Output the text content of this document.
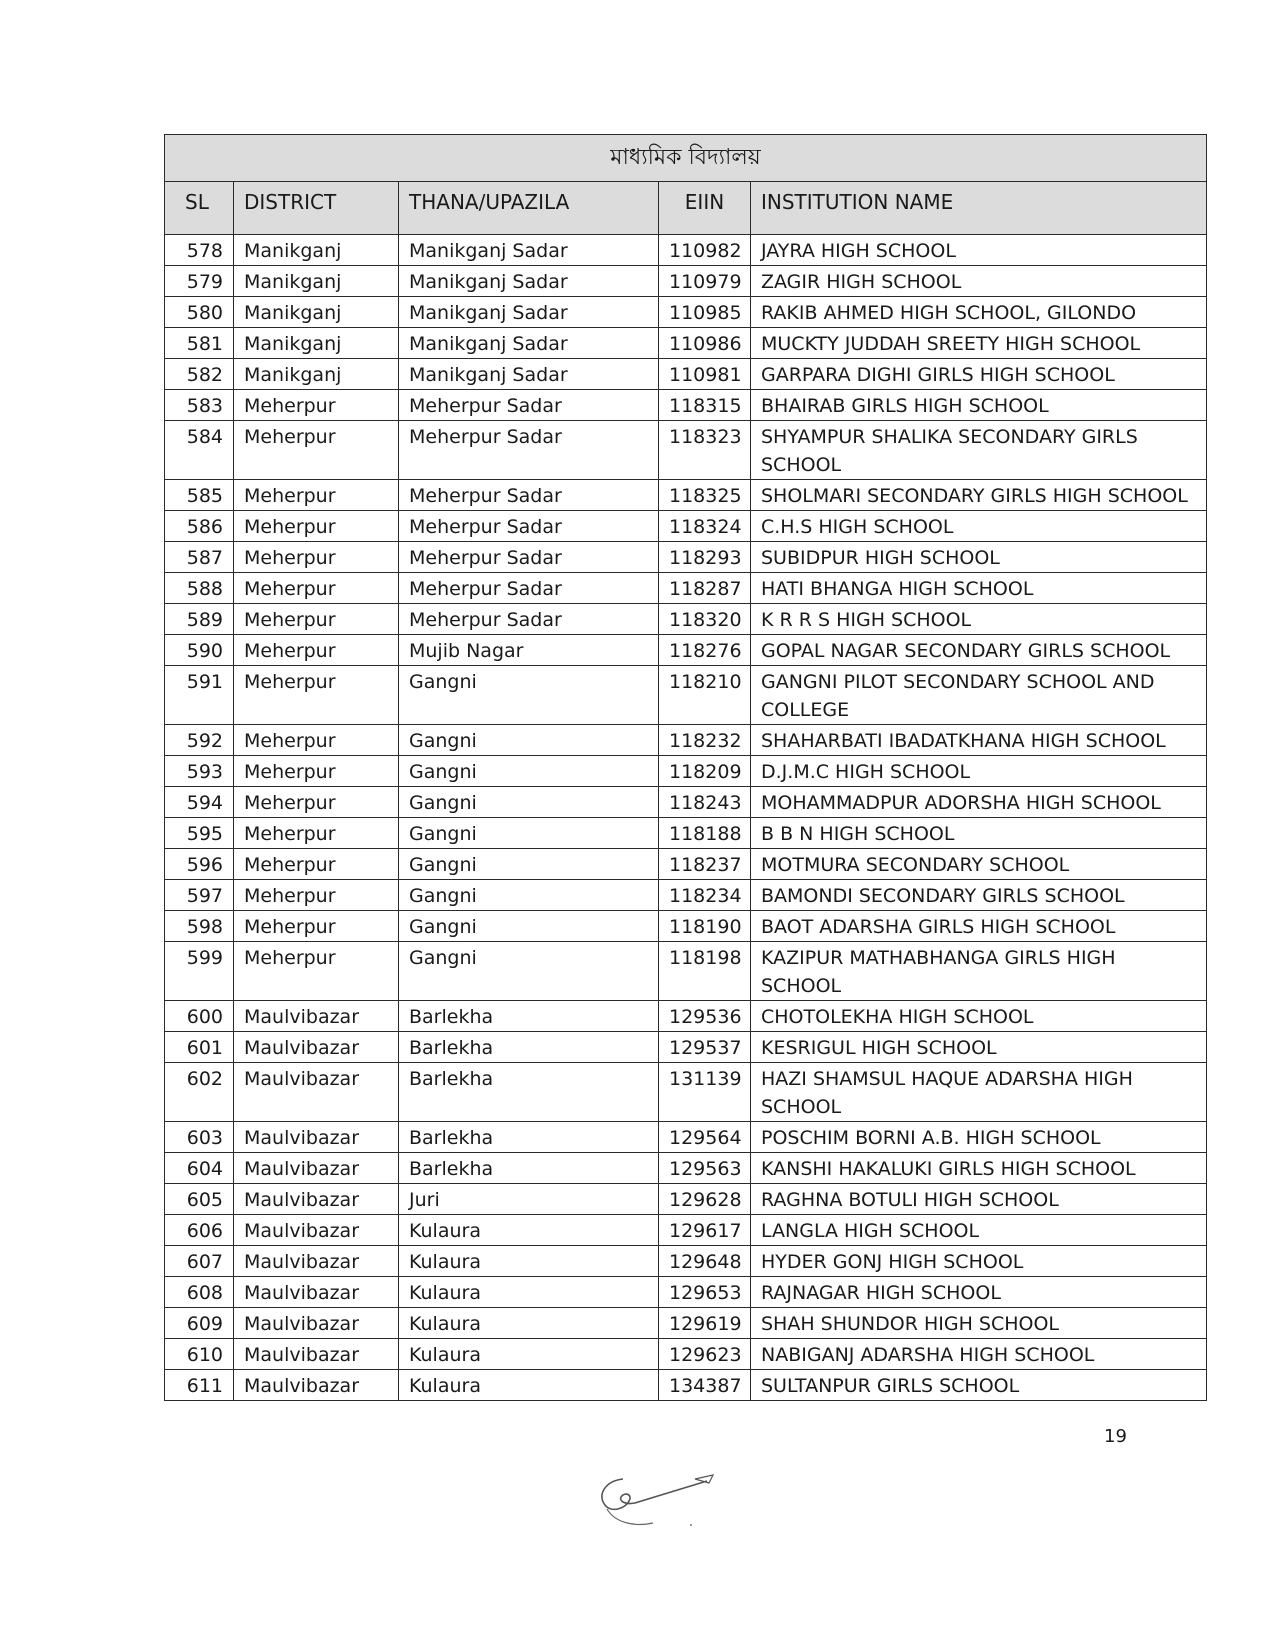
মাধ্যমিক বিদ্যালয়				
SL	DISTRICT	THANA/UPAZILA	EIIN	INSTITUTION NAME
578	Manikganj	Manikganj Sadar	110982	JAYRA HIGH SCHOOL
579	Manikganj	Manikganj Sadar	110979	ZAGIR HIGH SCHOOL
580	Manikganj	Manikganj Sadar	110985	RAKIB AHMED HIGH SCHOOL, GILONDO
581	Manikganj	Manikganj Sadar	110986	MUCKTY JUDDAH SREETY HIGH SCHOOL
582	Manikganj	Manikganj Sadar	110981	GARPARA DIGHI GIRLS HIGH SCHOOL
583	Meherpur	Meherpur Sadar	118315	BHAIRAB GIRLS HIGH SCHOOL
584	Meherpur	Meherpur Sadar	118323	SHYAMPUR SHALIKA SECONDARY GIRLS SCHOOL
585	Meherpur	Meherpur Sadar	118325	SHOLMARI SECONDARY GIRLS HIGH SCHOOL
586	Meherpur	Meherpur Sadar	118324	C.H.S HIGH SCHOOL
587	Meherpur	Meherpur Sadar	118293	SUBIDPUR HIGH SCHOOL
588	Meherpur	Meherpur Sadar	118287	HATI BHANGA HIGH SCHOOL
589	Meherpur	Meherpur Sadar	118320	K R R S HIGH SCHOOL
590	Meherpur	Mujib Nagar	118276	GOPAL NAGAR SECONDARY GIRLS SCHOOL
591	Meherpur	Gangni	118210	GANGNI PILOT SECONDARY SCHOOL AND COLLEGE
592	Meherpur	Gangni	118232	SHAHARBATI IBADATKHANA HIGH SCHOOL
593	Meherpur	Gangni	118209	D.J.M.C HIGH SCHOOL
594	Meherpur	Gangni	118243	MOHAMMADPUR ADORSHA HIGH SCHOOL
595	Meherpur	Gangni	118188	B B N HIGH SCHOOL
596	Meherpur	Gangni	118237	MOTMURA SECONDARY SCHOOL
597	Meherpur	Gangni	118234	BAMONDI SECONDARY GIRLS SCHOOL
598	Meherpur	Gangni	118190	BAOT ADARSHA GIRLS HIGH SCHOOL
599	Meherpur	Gangni	118198	KAZIPUR MATHABHANGA GIRLS HIGH SCHOOL
600	Maulvibazar	Barlekha	129536	CHOTOLEKHA HIGH SCHOOL
601	Maulvibazar	Barlekha	129537	KESRIGUL HIGH SCHOOL
602	Maulvibazar	Barlekha	131139	HAZI SHAMSUL HAQUE ADARSHA HIGH SCHOOL
603	Maulvibazar	Barlekha	129564	POSCHIM BORNI A.B. HIGH SCHOOL
604	Maulvibazar	Barlekha	129563	KANSHI HAKALUKI GIRLS HIGH SCHOOL
605	Maulvibazar	Juri	129628	RAGHNA BOTULI HIGH SCHOOL
606	Maulvibazar	Kulaura	129617	LANGLA HIGH SCHOOL
607	Maulvibazar	Kulaura	129648	HYDER GONJ HIGH SCHOOL
608	Maulvibazar	Kulaura	129653	RAJNAGAR HIGH SCHOOL
609	Maulvibazar	Kulaura	129619	SHAH SHUNDOR HIGH SCHOOL
610	Maulvibazar	Kulaura	129623	NABIGANJ ADARSHA HIGH SCHOOL
611	Maulvibazar	Kulaura	134387	SULTANPUR GIRLS SCHOOL
19
